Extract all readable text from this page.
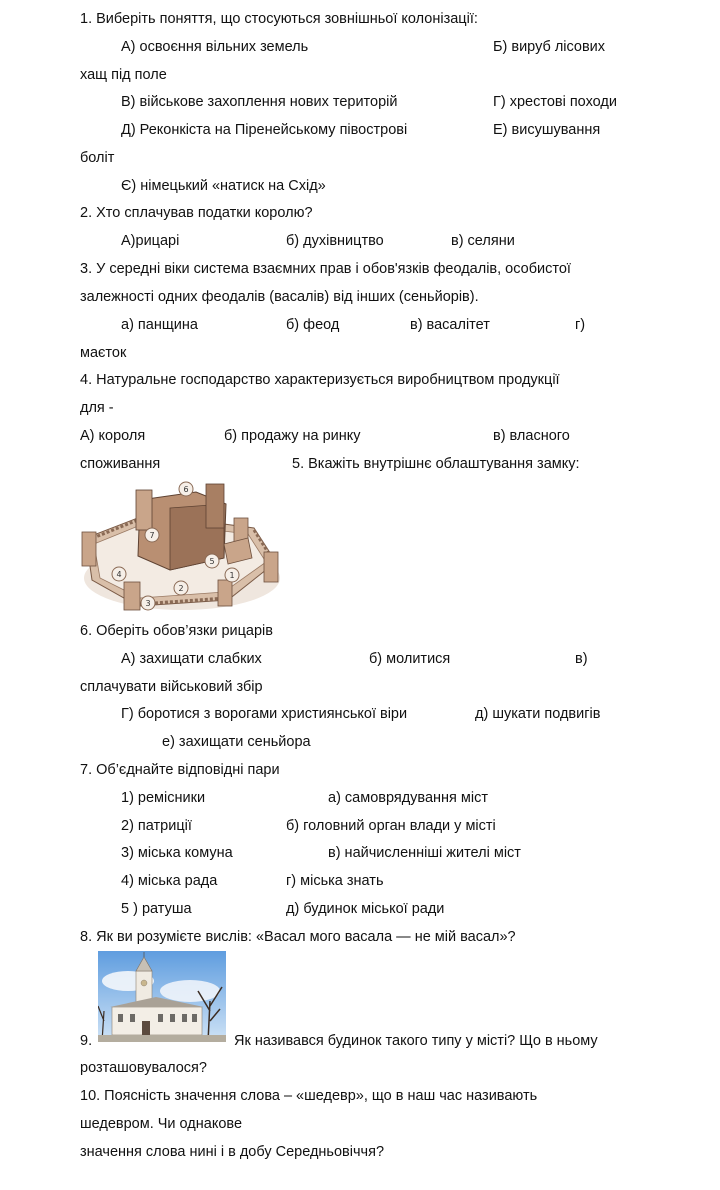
1. Виберіть поняття, що стосуються зовнішньої колонізації:
А) освоєння вільних земель	Б) вируб лісових
хащ під поле
В) військове захоплення нових територій	Г) хрестові походи
Д) Реконкіста на Піренейському півострові	Е) висушування
боліт
Є) німецький «натиск на Схід»
2. Хто сплачував податки королю?
А)рицарі	б) духівництво	в) селяни
3. У середні віки система взаємних прав і обов'язків феодалів, особистої
залежності одних феодалів (васалів) від інших (сеньйорів).
а) панщина	б) феод	в) васалітет	г)
маєток
4. Натуральне господарство характеризується виробництвом продукції
для -
А) короля	б) продажу на ринку	в) власного
споживання	5. Вкажіть внутрішнє облаштування замку:
6
7
5
4
2
3
1
6. Оберіть обов’язки рицарів
А) захищати слабких	б) молитися	в)
сплачувати військовий збір
Г) боротися з ворогами християнської віри	д) шукати подвигів
е) захищати сеньйора
7. Об’єднайте відповідні пари
1) ремісники	а) самоврядування міст
2) патриції	б) головний орган влади у місті
3) міська комуна	в) найчисленніші жителі міст
4) міська рада	г) міська знать
5 ) ратуша	д) будинок міської ради
8. Як ви розумієте вислів: «Васал мого васала — не мій васал»?
9.	Як називався будинок такого типу у місті? Що в ньому
розташовувалося?
10. Поясність значення слова – «шедевр», що в наш час називають
шедевром. Чи однакове
значення слова нині і в добу Середньовіччя?
